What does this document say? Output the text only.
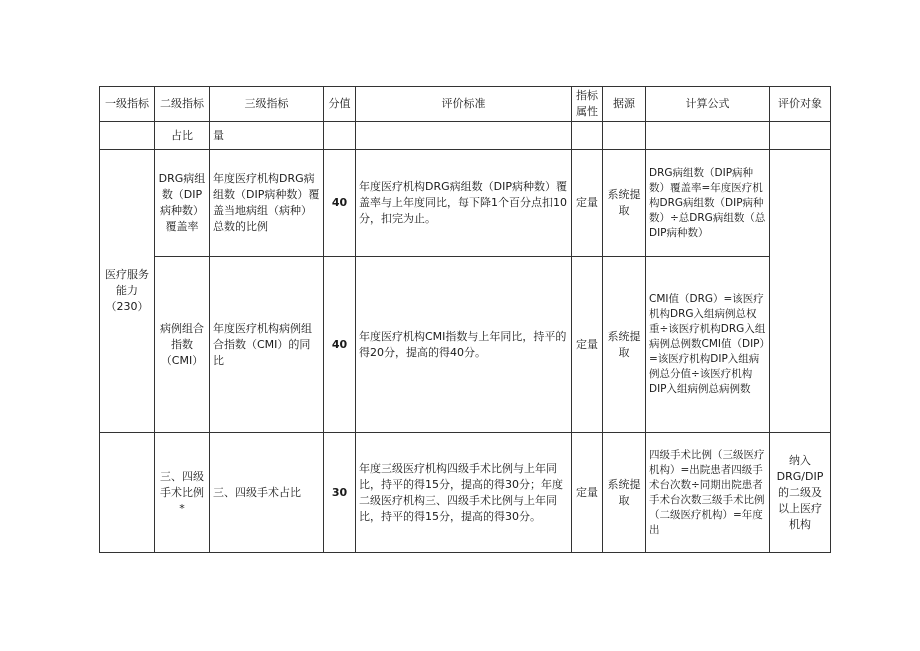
一级指标	二级指标	三级指标	分值	评价标准	指标属性	据源	计算公式	评价对象
	占比	量						
医疗服务能力（230）	DRG病组数（DIP病种数）覆盖率	年度医疗机构DRG病组数（DIP病种数）覆盖当地病组（病种）总数的比例	40	年度医疗机构DRG病组数（DIP病种数）覆盖率与上年度同比，每下降1个百分点扣10分，扣完为止。	定量	系统提取	DRG病组数（DIP病种数）覆盖率=年度医疗机构DRG病组数（DIP病种数）÷总DRG病组数（总DIP病种数）	
	病例组合指数（CMI）	年度医疗机构病例组合指数（CMI）的同比	40	年度医疗机构CMI指数与上年同比，持平的得20分，提高的得40分。	定量	系统提取	CMI值（DRG）=该医疗机构DRG入组病例总权重÷该医疗机构DRG入组病例总例数CMI值（DIP）=该医疗机构DIP入组病例总分值÷该医疗机构DIP入组病例总病例数	
	三、四级手术比例*	三、四级手术占比	30	年度三级医疗机构四级手术比例与上年同比，持平的得15分，提高的得30分；年度二级医疗机构三、四级手术比例与上年同比，持平的得15分，提高的得30分。	定量	系统提取	四级手术比例（三级医疗机构）=出院患者四级手术台次数÷同期出院患者手术台次数三级手术比例（二级医疗机构）=年度出	纳入DRG/DIP的二级及以上医疗机构
